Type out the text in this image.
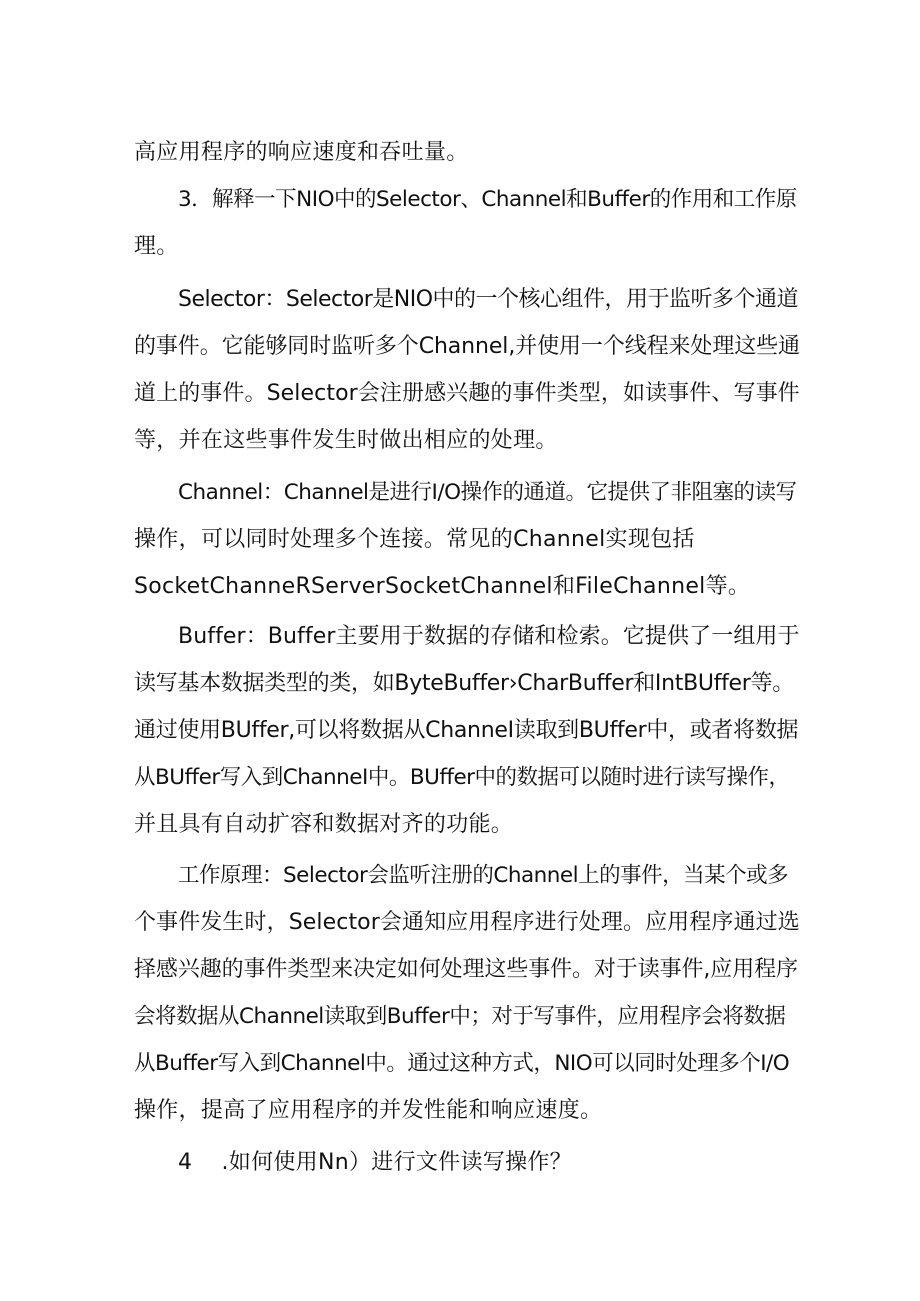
高应用程序的响应速度和吞吐量。
3．解释一下NIO中的Selector、Channel和Buffer的作用和工作原
理。
Selector：Selector是NIO中的一个核心组件，用于监听多个通道
的事件。它能够同时监听多个Channel,并使用一个线程来处理这些通
道上的事件。Selector会注册感兴趣的事件类型，如读事件、写事件
等，并在这些事件发生时做出相应的处理。
Channel：Channel是进行I/O操作的通道。它提供了非阻塞的读写
操作，可以同时处理多个连接。常见的Channel实现包括
SocketChanneRServerSocketChannel和FileChannel等。
Buffer：Buffer主要用于数据的存储和检索。它提供了一组用于
读写基本数据类型的类，如ByteBuffer›CharBuffer和IntBUffer等。
通过使用BUffer,可以将数据从ChanneI读取到BUffer中，或者将数据
从BUffer写入到ChanneI中。BUffer中的数据可以随时进行读写操作，
并且具有自动扩容和数据对齐的功能。
工作原理：Selector会监听注册的Channel上的事件，当某个或多
个事件发生时，Selector会通知应用程序进行处理。应用程序通过选
择感兴趣的事件类型来决定如何处理这些事件。对于读事件,应用程序
会将数据从Channel读取到Buffer中；对于写事件，应用程序会将数据
从Buffer写入到Channel中。通过这种方式，NIO可以同时处理多个I/O
操作，提高了应用程序的并发性能和响应速度。
4    .如何使用Nn）进行文件读写操作？
